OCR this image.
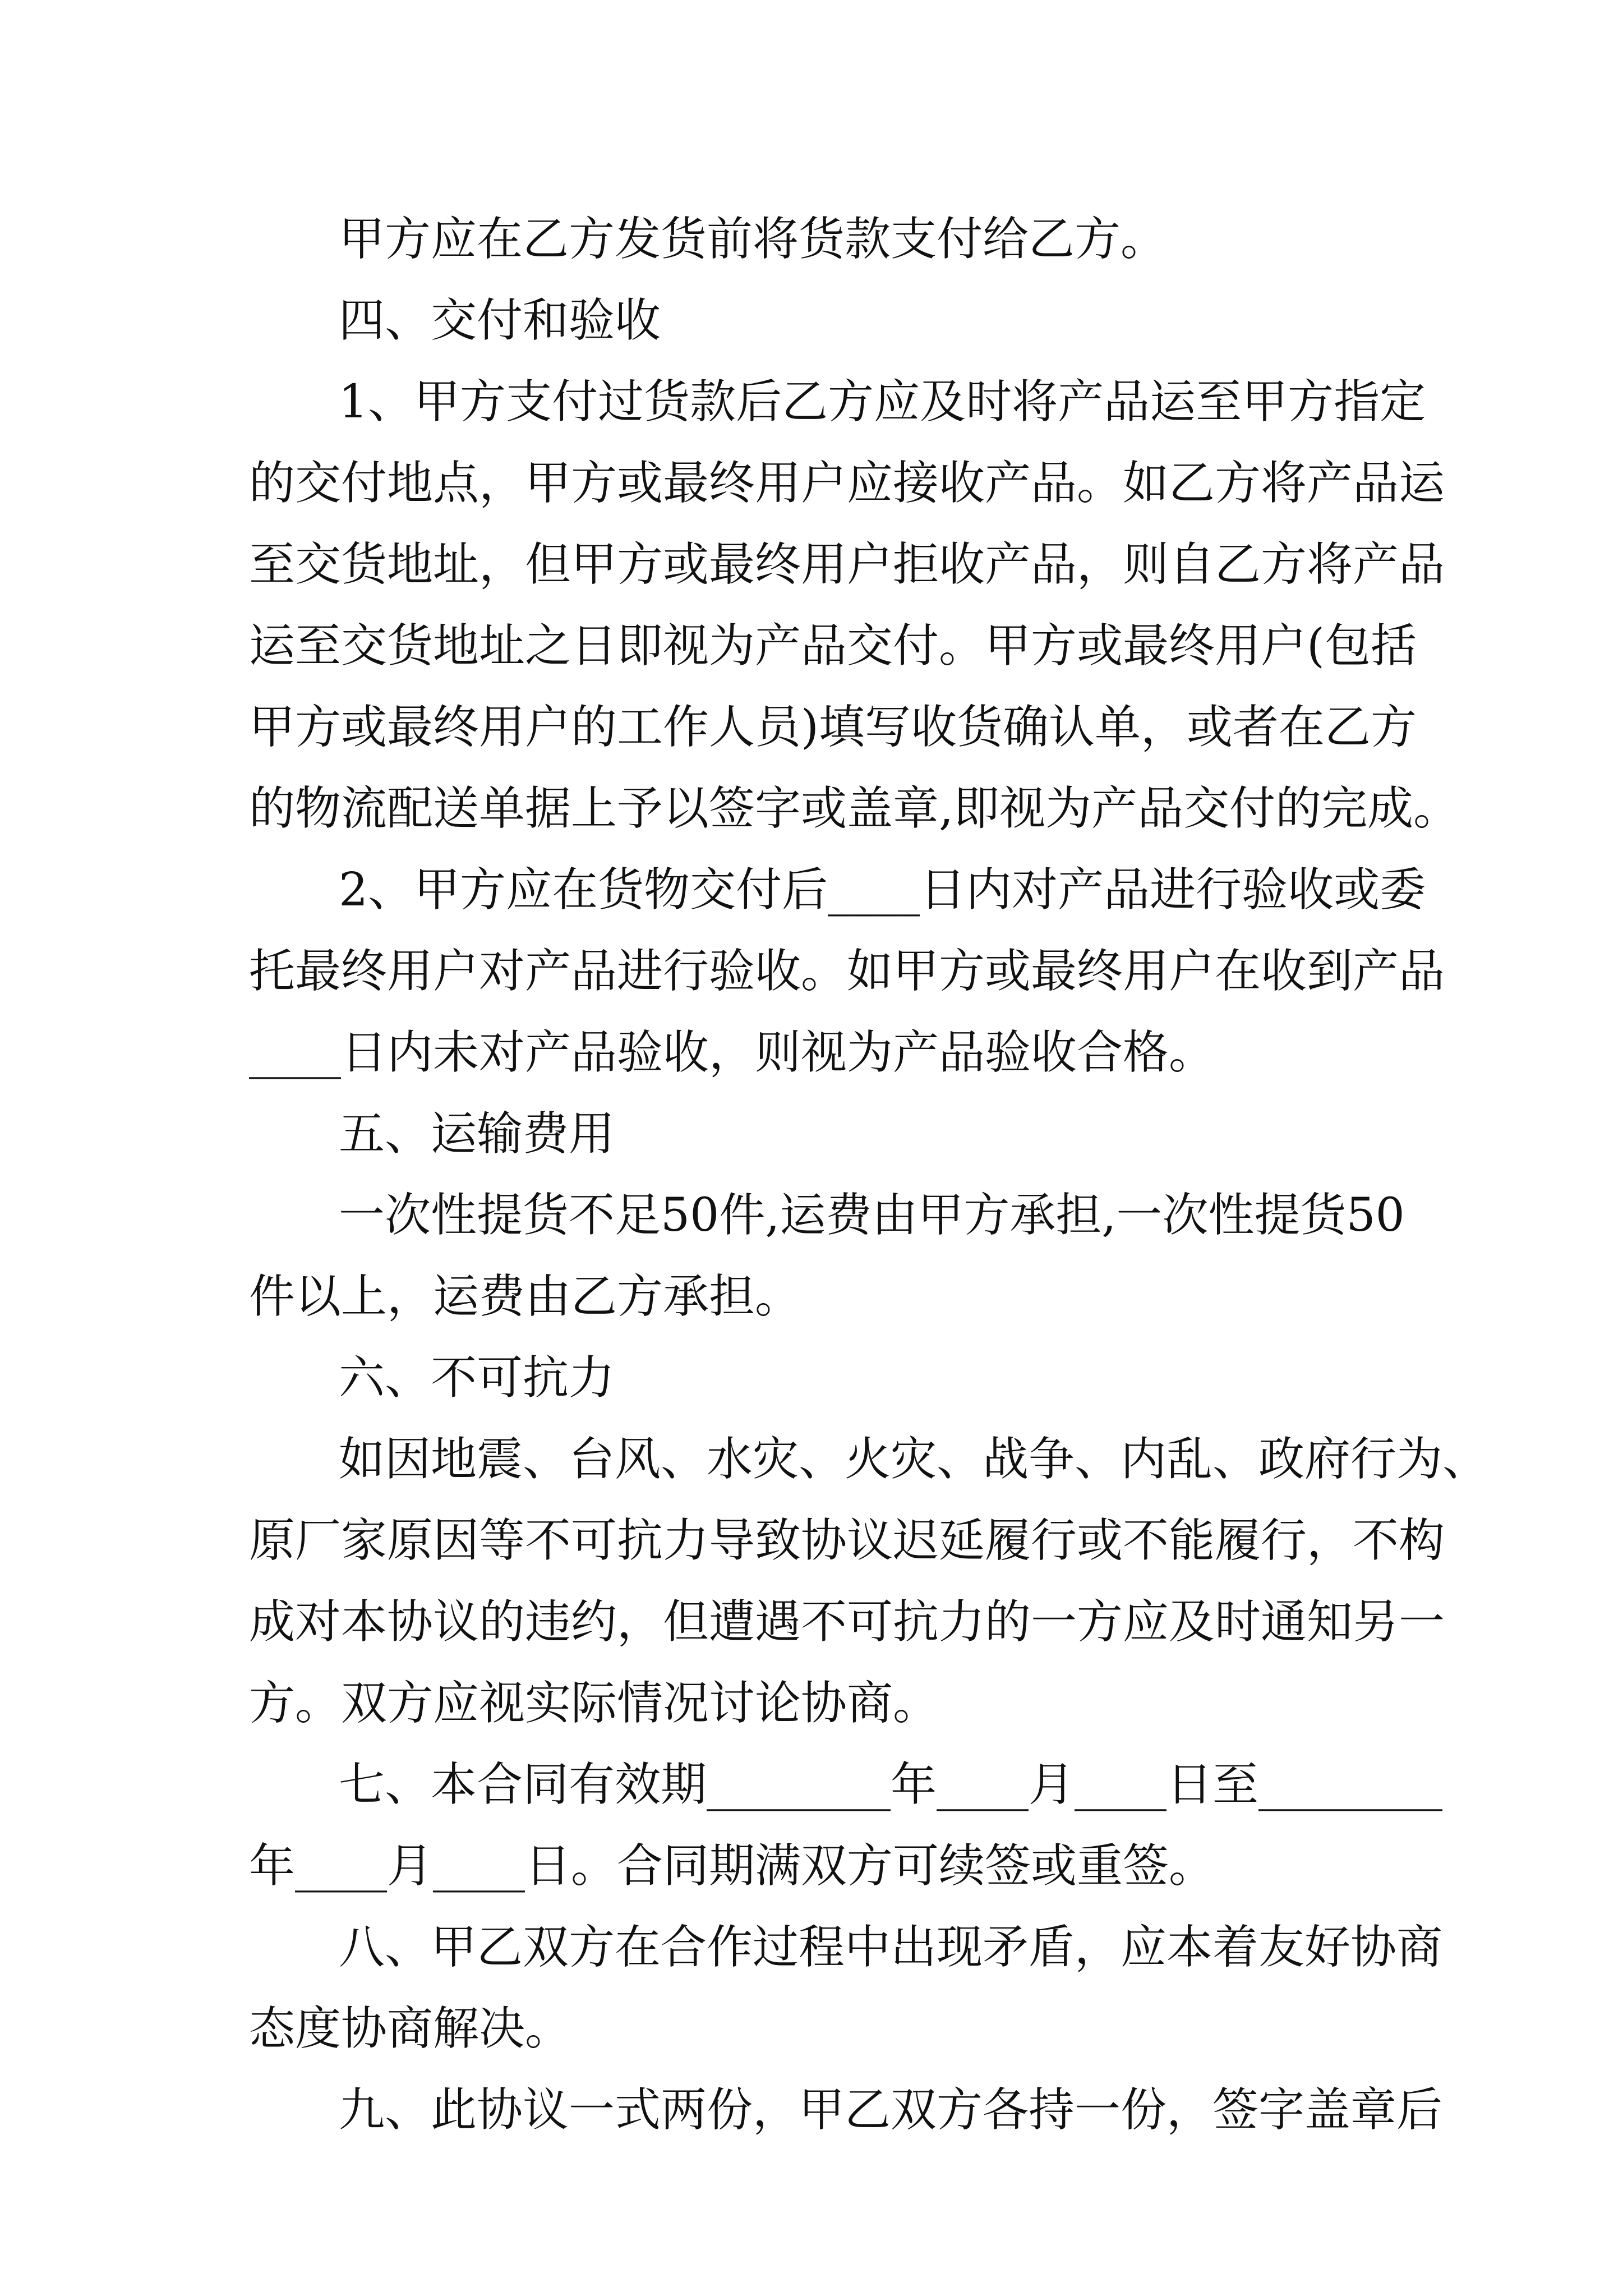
甲方应在乙方发货前将货款支付给乙方。
四、交付和验收
1、甲方支付过货款后乙方应及时将产品运至甲方指定
的交付地点，甲方或最终用户应接收产品。如乙方将产品运
至交货地址，但甲方或最终用户拒收产品，则自乙方将产品
运至交货地址之日即视为产品交付。甲方或最终用户(包括
甲方或最终用户的工作人员)填写收货确认单，或者在乙方
的物流配送单据上予以签字或盖章,即视为产品交付的完成。
2、甲方应在货物交付后____日内对产品进行验收或委
托最终用户对产品进行验收。如甲方或最终用户在收到产品
____日内未对产品验收，则视为产品验收合格。
五、运输费用
一次性提货不足50件,运费由甲方承担,一次性提货50
件以上，运费由乙方承担。
六、不可抗力
如因地震、台风、水灾、火灾、战争、内乱、政府行为、
原厂家原因等不可抗力导致协议迟延履行或不能履行，不构
成对本协议的违约，但遭遇不可抗力的一方应及时通知另一
方。双方应视实际情况讨论协商。
七、本合同有效期________年____月____日至________
年____月____日。合同期满双方可续签或重签。
八、甲乙双方在合作过程中出现矛盾，应本着友好协商
态度协商解决。
九、此协议一式两份，甲乙双方各持一份，签字盖章后
